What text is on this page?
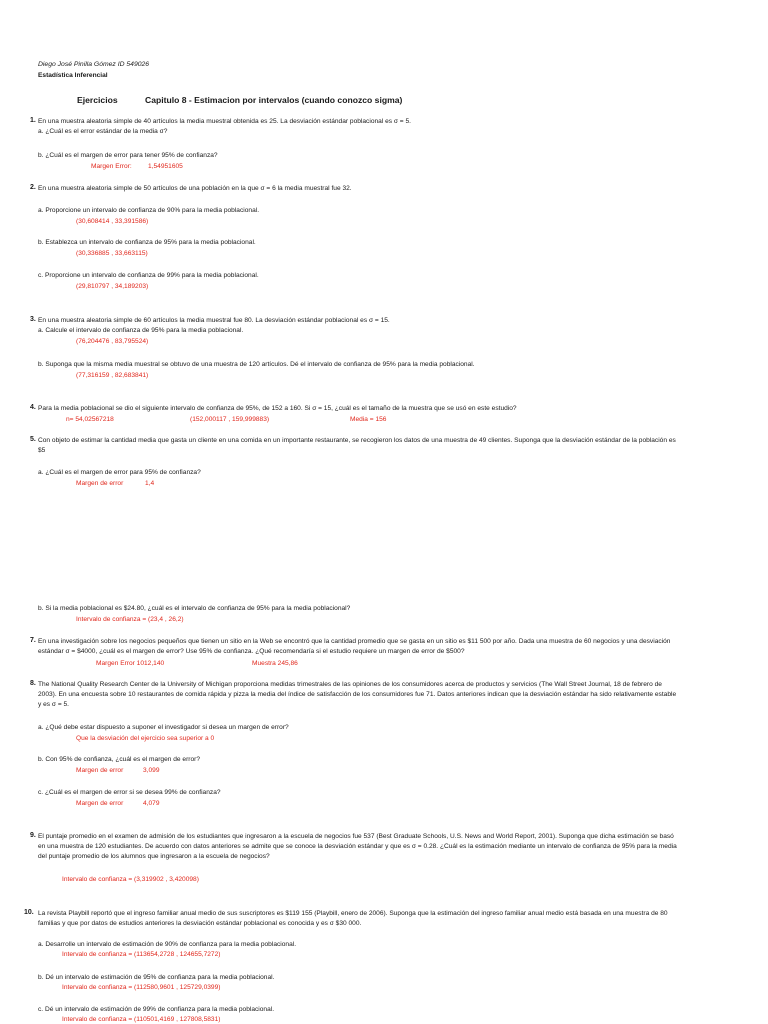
Diego José Pinilla Gómez ID 549026
Estadística Inferencial
Ejercicios	Capitulo 8 - Estimacion por intervalos (cuando conozco sigma)
1. En una muestra aleatoria simple de 40 artículos la media muestral obtenida es 25. La desviación estándar poblacional es σ = 5.
a. ¿Cuál es el error estándar de la media σ?
b. ¿Cuál es el margen de error para tener 95% de confianza?
Margen Error: 1,54951605
2. En una muestra aleatoria simple de 50 artículos de una población en la que σ = 6 la media muestral fue 32.
a. Proporcione un intervalo de confianza de 90% para la media poblacional.
(30,608414 , 33,391586)
b. Establezca un intervalo de confianza de 95% para la media poblacional.
(30,336885 , 33,663115)
c. Proporcione un intervalo de confianza de 99% para la media poblacional.
(29,810797 , 34,189203)
3. En una muestra aleatoria simple de 60 artículos la media muestral fue 80. La desviación estándar poblacional es σ = 15.
a. Calcule el intervalo de confianza de 95% para la media poblacional.
(76,204476 , 83,795524)
b. Suponga que la misma media muestral se obtuvo de una muestra de 120 artículos. Dé el intervalo de confianza de 95% para la media poblacional.
(77,316159 , 82,683841)
4. Para la media poblacional se dio el siguiente intervalo de confianza de 95%, de 152 a 160. Si σ = 15, ¿cuál es el tamaño de la muestra que se usó en este estudio?
n= 54,02567218	(152,000117 , 159,999883)	Media = 156
5. Con objeto de estimar la cantidad media que gasta un cliente en una comida en un importante restaurante, se recogieron los datos de una muestra de 49 clientes. Suponga que la desviación estándar de la población es
$5
a. ¿Cuál es el margen de error para 95% de confianza?
Margen de error	1,4
b. Si la media poblacional es $24.80, ¿cuál es el intervalo de confianza de 95% para la media poblacional?
Intervalo de confianza = (23,4 , 26,2)
7. En una investigación sobre los negocios pequeños que tienen un sitio en la Web se encontró que la cantidad promedio que se gasta en un sitio es $11 500 por año. Dada una muestra de 60 negocios y una desviación
estándar σ = $4000, ¿cuál es el margen de error? Use 95% de confianza. ¿Qué recomendaría si el estudio requiere un margen de error de $500?
Margen Error 1012,140	Muestra 245,86
8. The National Quality Research Center de la University of Michigan proporciona medidas trimestrales de las opiniones de los consumidores acerca de productos y servicios (The Wall Street Journal, 18 de febrero de
2003). En una encuesta sobre 10 restaurantes de comida rápida y pizza la media del índice de satisfacción de los consumidores fue 71. Datos anteriores indican que la desviación estándar ha sido relativamente estable
y es σ = 5.
a. ¿Qué debe estar dispuesto a suponer el investigador si desea un margen de error?
Que la desviación del ejercicio sea superior a 0
b. Con 95% de confianza, ¿cuál es el margen de error?
Margen de error	3,099
c. ¿Cuál es el margen de error si se desea 99% de confianza?
Margen de error	4,079
9. El puntaje promedio en el examen de admisión de los estudiantes que ingresaron a la escuela de negocios fue 537 (Best Graduate Schools, U.S. News and World Report, 2001). Suponga que dicha estimación se basó
en una muestra de 120 estudiantes. De acuerdo con datos anteriores se admite que se conoce la desviación estándar y que es σ = 0.28. ¿Cuál es la estimación mediante un intervalo de confianza de 95% para la media
del puntaje promedio de los alumnos que ingresaron a la escuela de negocios?
Intervalo de confianza = (3,319902 , 3,420098)
10. La revista Playbill reportó que el ingreso familiar anual medio de sus suscriptores es $119 155 (Playbill, enero de 2006). Suponga que la estimación del ingreso familiar anual medio está basada en una muestra de 80
familias y que por datos de estudios anteriores la desviación estándar poblacional es conocida y es σ $30 000.
a. Desarrolle un intervalo de estimación de 90% de confianza para la media poblacional.
Intervalo de confianza = (113654,2728 , 124655,7272)
b. Dé un intervalo de estimación de 95% de confianza para la media poblacional.
Intervalo de confianza = (112580,9601 , 125729,0399)
c. Dé un intervalo de estimación de 99% de confianza para la media poblacional.
Intervalo de confianza = (110501,4169 , 127808,5831)
